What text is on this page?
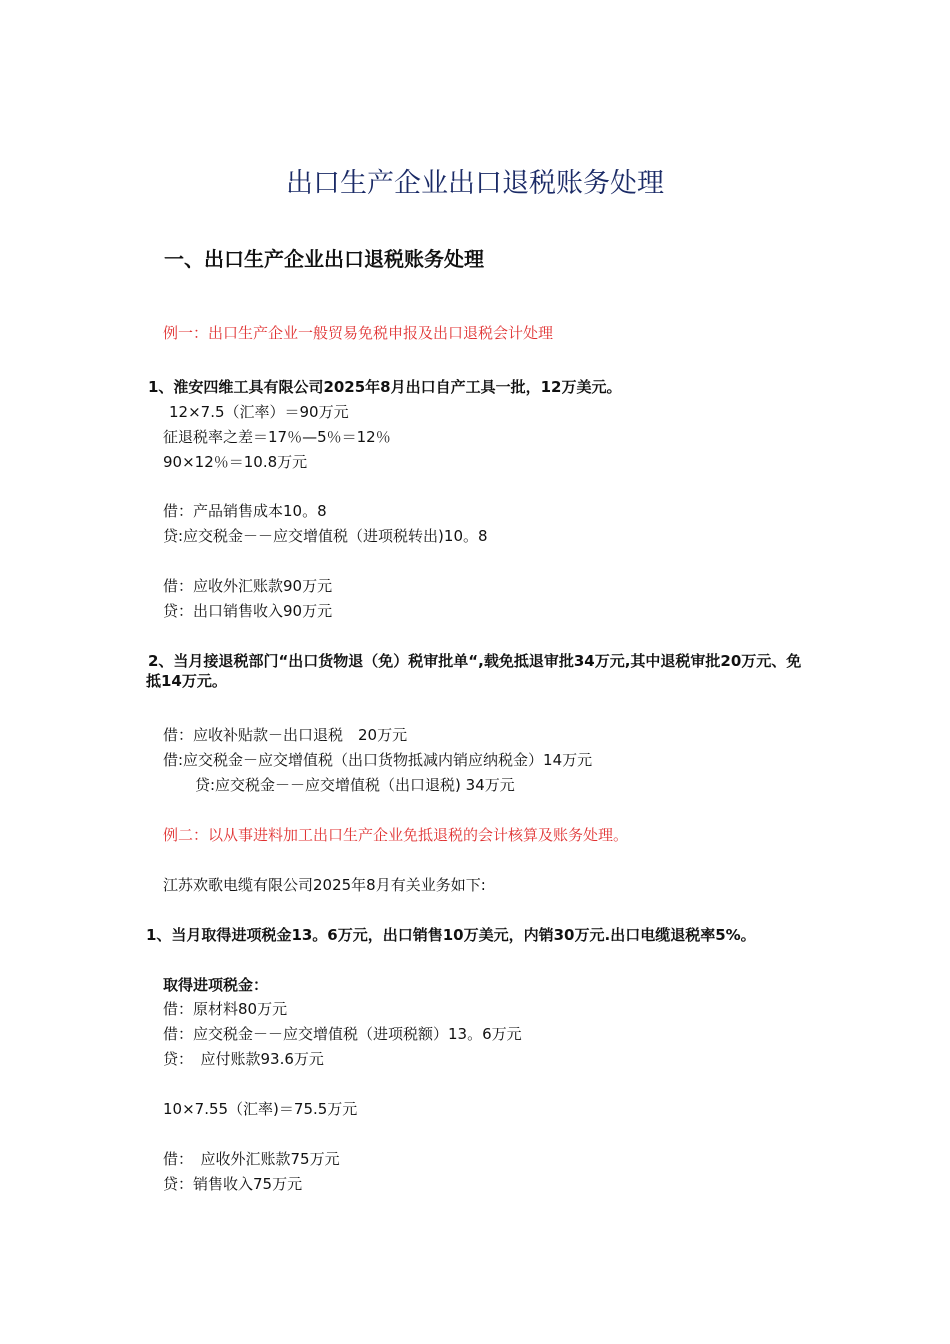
出口生产企业出口退税账务处理
一、出口生产企业出口退税账务处理
例一：出口生产企业一般贸易免税申报及出口退税会计处理
1、淮安四维工具有限公司2025年8月出口自产工具一批，12万美元。
12×7.5（汇率）＝90万元
征退税率之差＝17％—5％＝12％
90×12％＝10.8万元
借：产品销售成本10。8
贷:应交税金－－应交增值税（进项税转出)10。8
借：应收外汇账款90万元
贷：出口销售收入90万元
2、当月接退税部门“出口货物退（免）税审批单“,载免抵退审批34万元,其中退税审批20万元、免抵14万元。
借：应收补贴款－出口退税　20万元
借:应交税金－应交增值税（出口货物抵减内销应纳税金）14万元
贷:应交税金－－应交增值税（出口退税) 34万元
例二：以从事进料加工出口生产企业免抵退税的会计核算及账务处理。
江苏欢歌电缆有限公司2025年8月有关业务如下:
1、当月取得进项税金13。6万元，出口销售10万美元，内销30万元.出口电缆退税率5%。
取得进项税金：
借：原材料80万元
借：应交税金－－应交增值税（进项税额）13。6万元
贷：　应付账款93.6万元
10×7.55（汇率)＝75.5万元
借：　应收外汇账款75万元
贷：销售收入75万元
